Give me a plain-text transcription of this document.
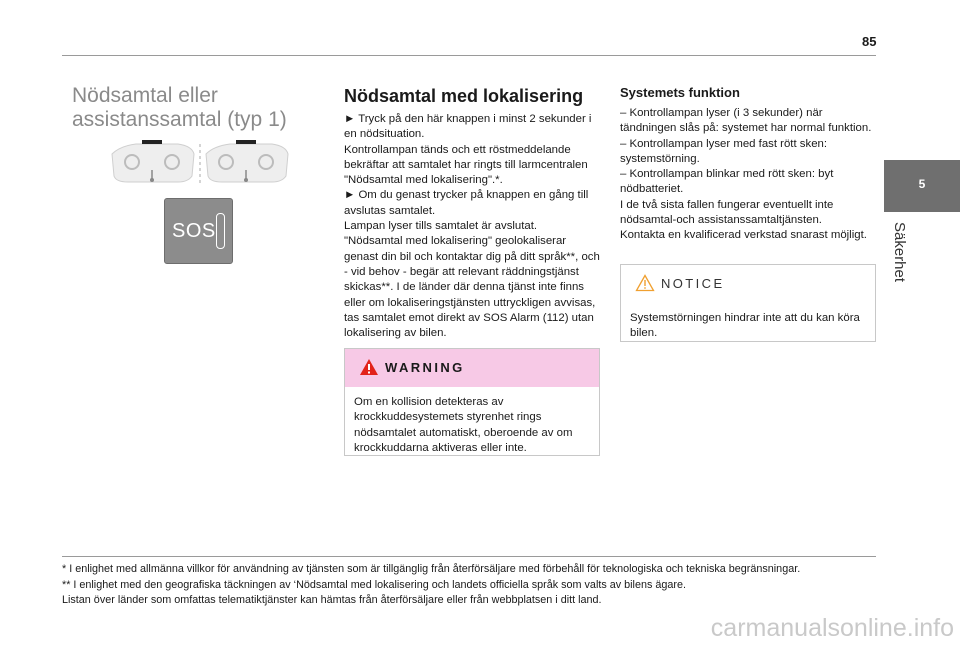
85
5
Säkerhet
Nödsamtal eller assistanssamtal (typ 1)
SOS
Nödsamtal med lokalisering

► Tryck på den här knappen i minst 2 sekunder i en nödsituation.

Kontrollampan tänds och ett röstmeddelande bekräftar att samtalet har ringts till larmcentralen "Nödsamtal med lokalisering".*.

► Om du genast trycker på knappen en gång till avslutas samtalet.

Lampan lyser tills samtalet är avslutat.

"Nödsamtal med lokalisering" geolokaliserar genast din bil och kontaktar dig på ditt språk**, och - vid behov - begär att relevant räddningstjänst skickas**. I de länder där denna tjänst inte finns eller om lokaliseringstjänsten uttryckligen avvisas, tas samtalet emot direkt av SOS Alarm (112) utan lokalisering av bilen.

WARNING
Om en kollision detekteras av krockkuddesystemets styrenhet rings nödsamtalet automatiskt, oberoende av om krockkuddarna aktiveras eller inte.
Systemets funktion

– Kontrollampan lyser (i 3 sekunder) när tändningen slås på: systemet har normal funktion.

– Kontrollampan lyser med fast rött sken: systemstörning.

– Kontrollampan blinkar med rött sken: byt nödbatteriet.

I de två sista fallen fungerar eventuellt inte nödsamtal-och assistanssamtaltjänsten.

Kontakta en kvalificerad verkstad snarast möjligt.

NOTICE
Systemstörningen hindrar inte att du kan köra bilen.
* I enlighet med allmänna villkor för användning av tjänsten som är tillgänglig från återförsäljare med förbehåll för teknologiska och tekniska begränsningar.
** I enlighet med den geografiska täckningen av ‘Nödsamtal med lokalisering och landets officiella språk som valts av bilens ägare.
Listan över länder som omfattas telematiktjänster kan hämtas från återförsäljare eller från webbplatsen i ditt land.
carmanualsonline.info
